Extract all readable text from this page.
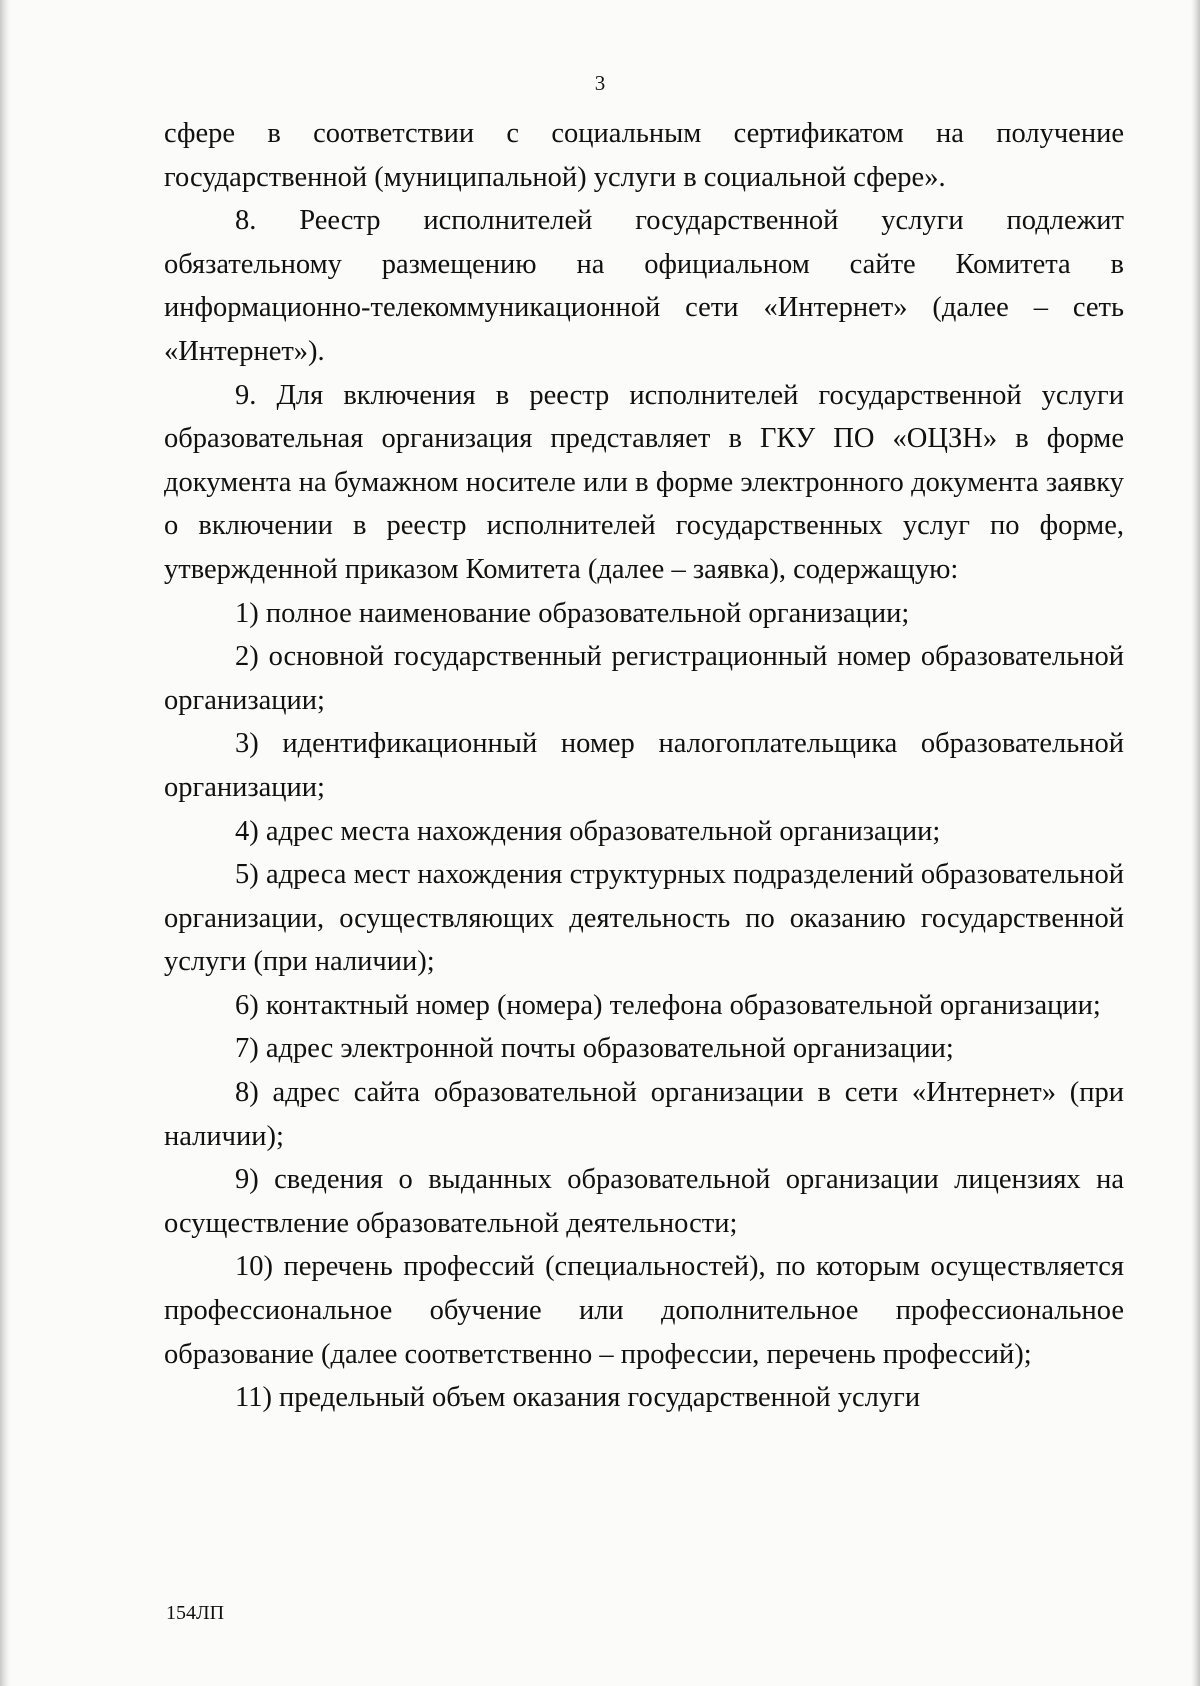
3

сфере в соответствии с социальным сертификатом на получение государственной (муниципальной) услуги в социальной сфере».

8. Реестр исполнителей государственной услуги подлежит обязательному размещению на официальном сайте Комитета в информационно-телекоммуникационной сети «Интернет» (далее – сеть «Интернет»).

9. Для включения в реестр исполнителей государственной услуги образовательная организация представляет в ГКУ ПО «ОЦЗН» в форме документа на бумажном носителе или в форме электронного документа заявку о включении в реестр исполнителей государственных услуг по форме, утвержденной приказом Комитета (далее – заявка), содержащую:

1) полное наименование образовательной организации;

2) основной государственный регистрационный номер образовательной организации;

3) идентификационный номер налогоплательщика образовательной организации;

4) адрес места нахождения образовательной организации;

5) адреса мест нахождения структурных подразделений образовательной организации, осуществляющих деятельность по оказанию государственной услуги (при наличии);

6) контактный номер (номера) телефона образовательной организации;

7) адрес электронной почты образовательной организации;

8) адрес сайта образовательной организации в сети «Интернет» (при наличии);

9) сведения о выданных образовательной организации лицензиях на осуществление образовательной деятельности;

10) перечень профессий (специальностей), по которым осуществляется профессиональное обучение или дополнительное профессиональное образование (далее соответственно – профессии, перечень профессий);

11) предельный объем оказания государственной услуги

154ЛП
